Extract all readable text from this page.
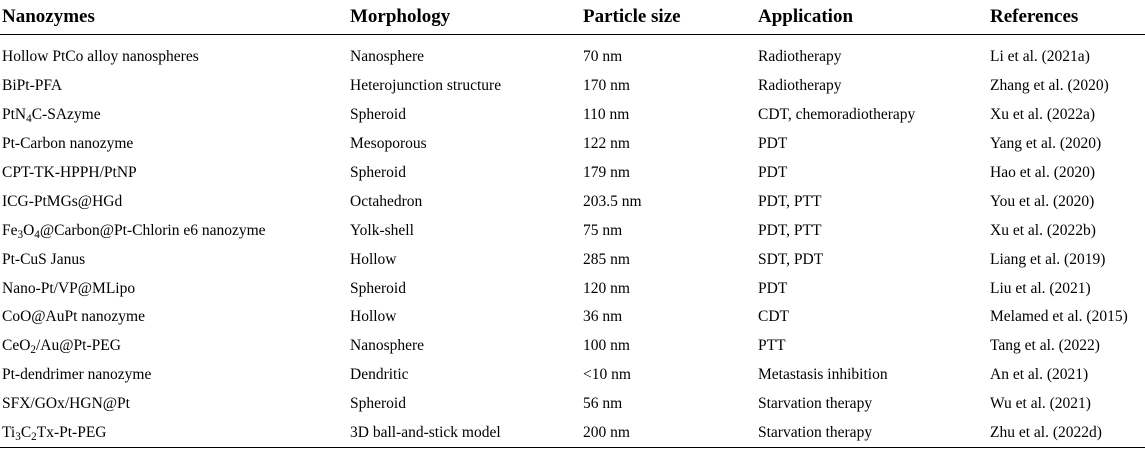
Nanozymes	Morphology	Particle size	Application	References
Hollow PtCo alloy nanospheres	Nanosphere	70 nm	Radiotherapy	Li et al. (2021a)
BiPt-PFA	Heterojunction structure	170 nm	Radiotherapy	Zhang et al. (2020)
PtN$_4$C-SAzyme	Spheroid	110 nm	CDT, chemoradiotherapy	Xu et al. (2022a)
Pt-Carbon nanozyme	Mesoporous	122 nm	PDT	Yang et al. (2020)
CPT-TK-HPPH/PtNP	Spheroid	179 nm	PDT	Hao et al. (2020)
ICG-PtMGs@HGd	Octahedron	203.5 nm	PDT, PTT	You et al. (2020)
$Fe_3O_4@Carbon@Pt$-Chlorin e6 nanozyme	Yolk-shell	75 nm	PDT, PTT	Xu et al. (2022b)
Pt-CuS Janus	Hollow	285 nm	SDT, PDT	Liang et al. (2019)
Nano-Pt/VP@MLipo	Spheroid	120 nm	PDT	Liu et al. (2021)
CoO@AuPt nanozyme	Hollow	36 nm	CDT	Melamed et al. (2015)
CeO$_2$/Au@Pt-PEG	Nanosphere	100 nm	PTT	Tang et al. (2022)
Pt-dendrimer nanozyme	Dendritic	<10 nm	Metastasis inhibition	An et al. (2021)
SFX/GOx/HGN@Pt	Spheroid	56 nm	Starvation therapy	Wu et al. (2021)
$Ti_3C_2Tx-Pt$-PEG	3D ball-and-stick model	200 nm	Starvation therapy	Zhu et al. (2022d)
